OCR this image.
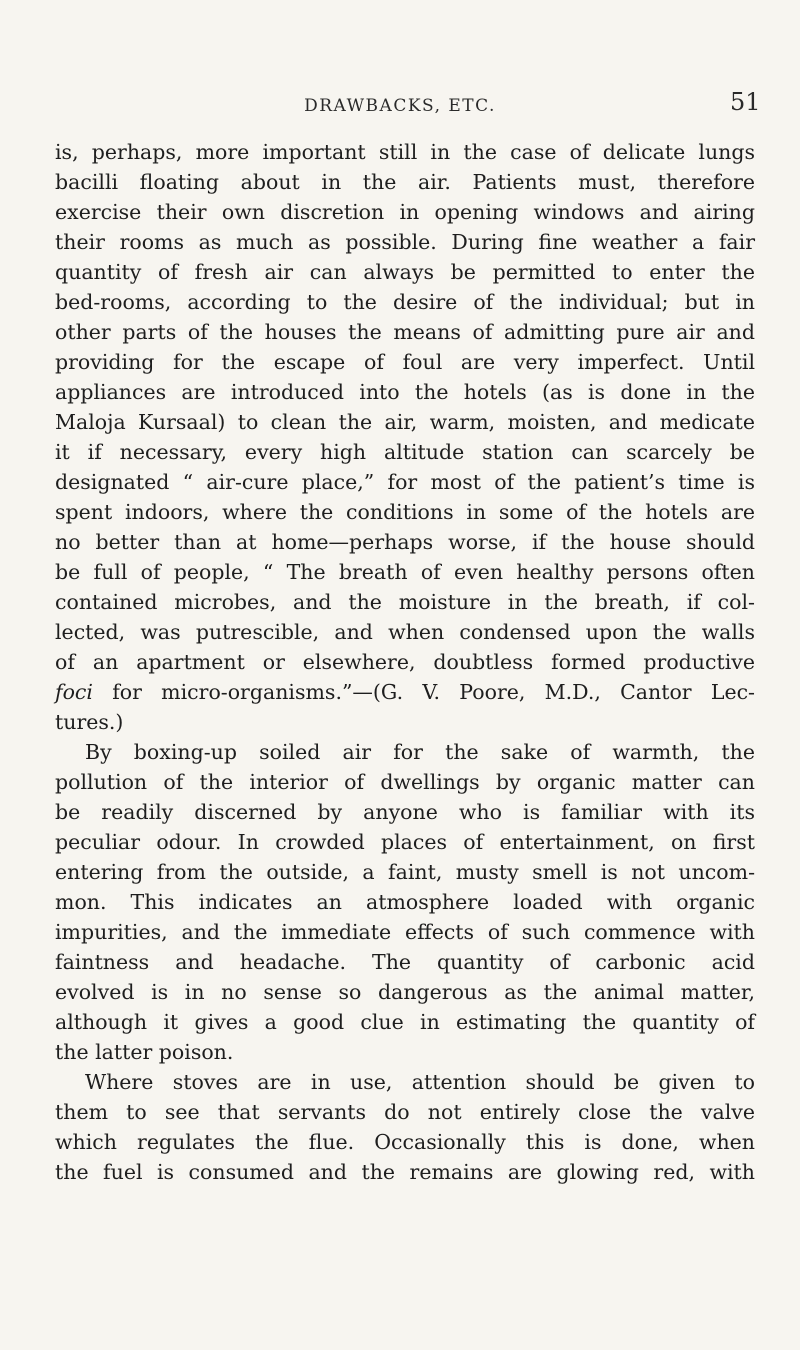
DRAWBACKS, ETC.	51
is, perhaps, more important still in the case of delicate lungs
bacilli floating about in the air. Patients must, therefore
exercise their own discretion in opening windows and airing
their rooms as much as possible. During fine weather a fair
quantity of fresh air can always be permitted to enter the
bed-rooms, according to the desire of the individual; but in
other parts of the houses the means of admitting pure air and
providing for the escape of foul are very imperfect. Until
appliances are introduced into the hotels (as is done in the
Maloja Kursaal) to clean the air, warm, moisten, and medicate
it if necessary, every high altitude station can scarcely be
designated “ air-cure place,” for most of the patient’s time is
spent indoors, where the conditions in some of the hotels are
no better than at home—perhaps worse, if the house should
be full of people, “ The breath of even healthy persons often
contained microbes, and the moisture in the breath, if col-
lected, was putrescible, and when condensed upon the walls
of an apartment or elsewhere, doubtless formed productive
foci for micro-organisms.”—(G. V. Poore, M.D., Cantor Lec-
tures.)
By boxing-up soiled air for the sake of warmth, the
pollution of the interior of dwellings by organic matter can
be readily discerned by anyone who is familiar with its
peculiar odour. In crowded places of entertainment, on first
entering from the outside, a faint, musty smell is not uncom-
mon. This indicates an atmosphere loaded with organic
impurities, and the immediate effects of such commence with
faintness and headache. The quantity of carbonic acid
evolved is in no sense so dangerous as the animal matter,
although it gives a good clue in estimating the quantity of
the latter poison.
Where stoves are in use, attention should be given to
them to see that servants do not entirely close the valve
which regulates the flue. Occasionally this is done, when
the fuel is consumed and the remains are glowing red, with
